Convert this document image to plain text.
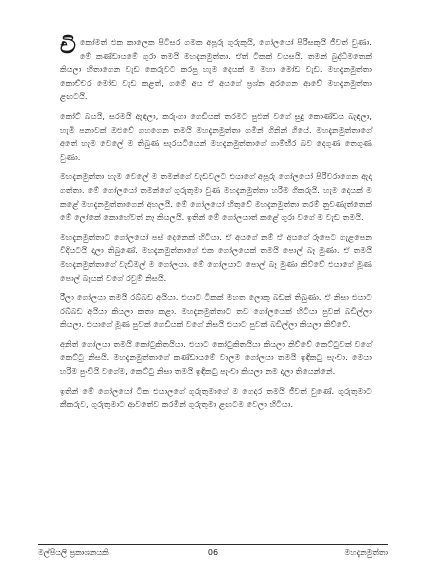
චිකෝමත් එක කාලෙක පිටිසර ගමක අපූරු ගුරුකුයි, ගෝලයෝ පිරිසකුයි ජීවත් වුණා. මේ කණ්ඩායමේ ගුරා තමයි මහදැනමුත්තා. ඒත් ටිකක් වයසයි. තමන් බුද්ධිමතෙක් කියලා හිතාගෙන වැඩ කෙරුවට කරපු හැම දෙයක් ම මහා මෝඩ වැඩ. මහදැනමුත්තා කොච්චර මෝඩ වැඩ කළත්, ගමේ අය ඒ අයගේ ප්‍රශ්න අරගෙන ආවේ මහදැනමුත්තා ළඟටයි.

කෝට් බයයි, සරමයි ඇඳලා, කරුංගා ගෙඩියක් තරමට පුළුන් වගේ සුදු කොණ්ඩය බැඳලා, හැමි පනාවක් ඔළුවේ ගහගෙන තමයි මහදැනමුත්තා ගමින් ගිනින් ගියේ. මහදැනමුත්තාගේ අතේ හැම වෙලේ ම තිබුණ සැරයටියෙන් මහදැනමුත්තාගේ ගාම්භීර බව දෙගුණ තෙගුණ වුණා.

මහදැනමුත්තා හැම වෙලේ ම තමන්ගේ වැඩවලට එයාගේ අපූරු ගෝලයෝ පිරිවරාගෙන ඇදා ගත්තා. මේ ගෝලයෝ තමන්ගේ ගුරුතුමා වුණ මහදැනමුත්තා හරිම ගිකරුයි. හැම දෙයක් ම කළේ මහදැනමුත්තාගෙන් අහලයි. මේ ගෝලයෝ හිතුවේ මහදැනමුත්තා තරම් නුවණැත්තෙක් මේ ලෝකේ කොහේවත් නෑ කියලයි. ඉතින් මේ ගෝලයාත් කළේ ගුරා වගේ ම වැඩ තමයි.

මහදැනමුත්තාට ගෝලයෝ පස් දෙනෙක් හිටියා. ඒ අයගේ නම් ඒ අයගේ රූපෙට ගැළපෙන විදියටයි දාලා තිබුණේ. මහදැනමුත්තාගේ එක ගෝලයෙක් තමයි පොල් බෑ මුණා. ඒ තමයි මහදැනමුත්තාගේ වැඩිමල් ම ගෝලයා. මේ ගෝලයාට පොල් බෑ මුණා කිව්වේ එයාගේ මූණ පොල් බෑයක් වගේ රවුම් නිසයි.

රීලා ගෝලයා තමයි රබ්බඩ අයියා. එයාට ටිකක් මහත ලොකු බඩක් තිබුණා. ඒ නිසා එයාට රබ්බඩ අයියා කියලා කතා කළා. මහදැනමුත්තාට තව ගෝලයෙක් හිටියා පුවක් බඩිල්ලා කියලා. එයාගේ මූණ පුවක් ගෙඩියක් වගේ නිසයි එයාට පුවක් බඩිල්ලා කියලා කිව්වේ.

අනිත් ගෝලයා තමයි කෝටුකිතයියා. එයාට කෝටුකිතයියා කියලා කිව්වේ කෙට්ටුවක් වගේ කෙට්ටු නිසයි. මහදැනමුත්තාගේ කණ්ඩායමේ වාලම ගෝලයා තමයි ඉඳිකටු පැංචා. මෙයා හරිම පුංචියි වගේම, කෙට්ටු නිසා තමයි ඉඳිකටු පැංචා කියලා නම දාලා තියෙන්නේ.

ඉතින් මේ ගෝලයෝ ටික එයාලගේ ගුරුතුමාගේ ම ගෙදර තමයි ජීවත් වුණේ. ගුරුතුමාට කීකරුව, ගුරුතුමාට ආවතේව කරමින් ගුරුතුමා ළඟටම වෙලා හිටියා.

මල්පියලි ප්‍රකාශනයකි	06	මහදැනමුත්තා
